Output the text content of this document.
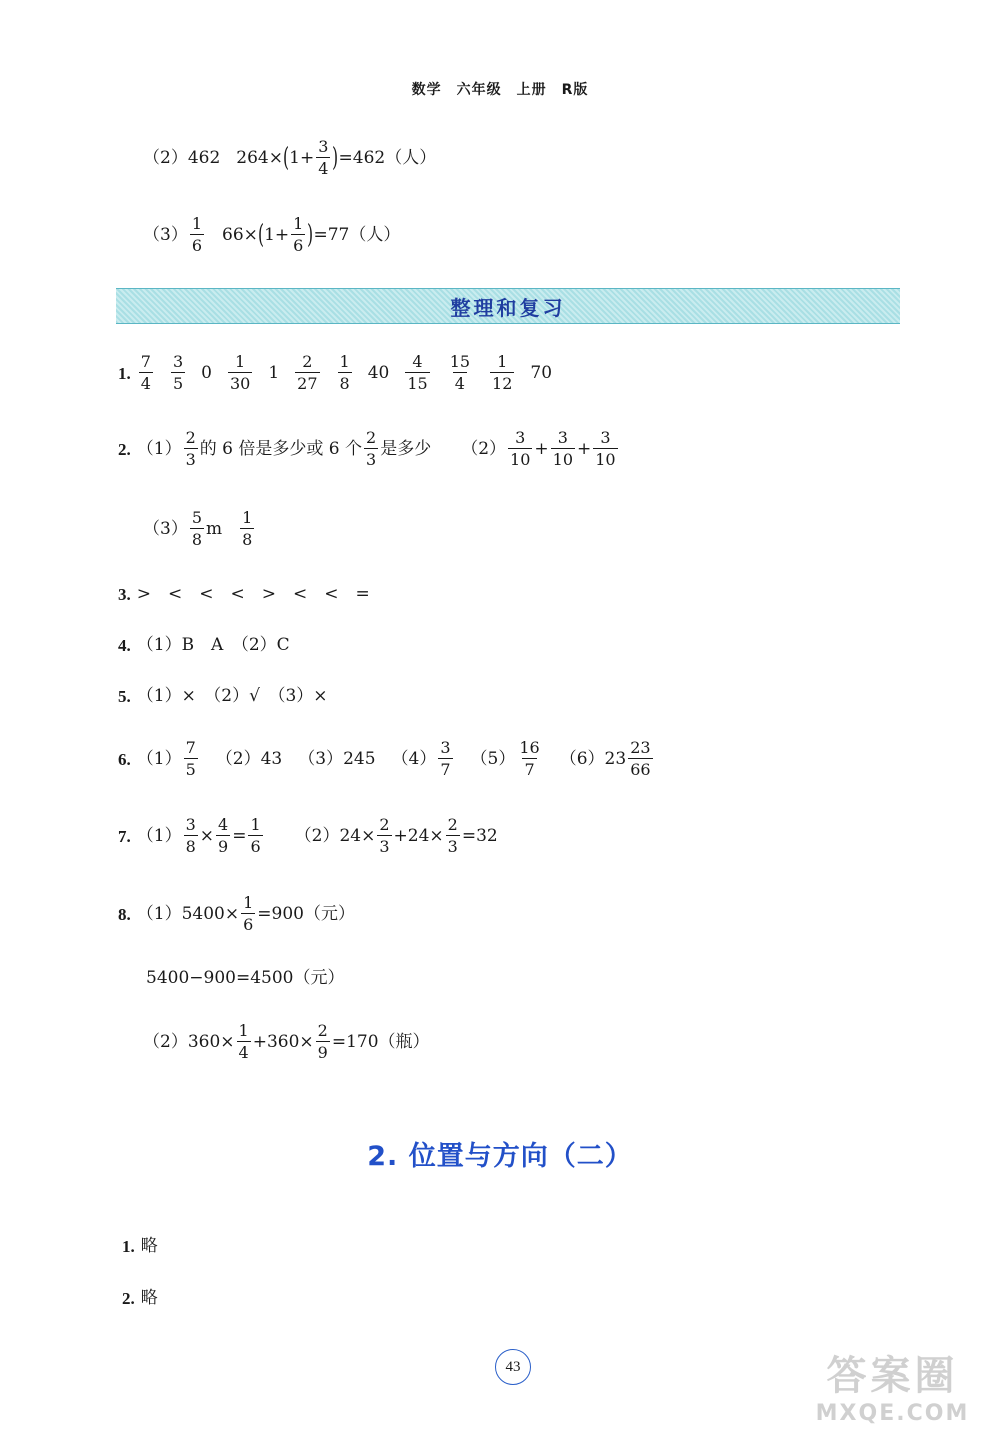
数学　六年级　上册　R版
（2） 462 264× ( $1+ \frac{3}{4}$ ) =462（人）
（3）
1
6
66× ( $1+ \frac{1}{6}$ ) =77（人）
整理和复习
1.
7
4
3
5
0
1
30
1
2
27
1
8
40
4
15
15
4
1
12
70
2. （1）
2
3
的 6 倍是多少或 6 个
2
3
是多少 （2）
3
10
+ $\frac{3}{10} + \frac{3}{10}$
（3）
5
8
m
1
8
3. >　<　<　<　>　<　<　=
4. （1）B　A　（2）C
5. （1）×　（2）√　（3）×
6. （1）
7
5
（2） 43 （3） 245 （4）
3
7
（5）
16
7
（6） 23
23
66
7. $(1) \frac{3}{8} \times \frac{4}{9} = \frac{1}{6} (2)$ $24\times \frac{2}{3} +24\times \frac{2}{3} =32$
8. （1） $5400\times \frac{1}{6} =900$（元）
5400−900=4500（元）
（2） $360\times \frac{1}{4} +360\times \frac{2}{9} =170$（瓶）
2. 位置与方向（二）
1. 略
2. 略
43	答案圈
MXQE.COM
